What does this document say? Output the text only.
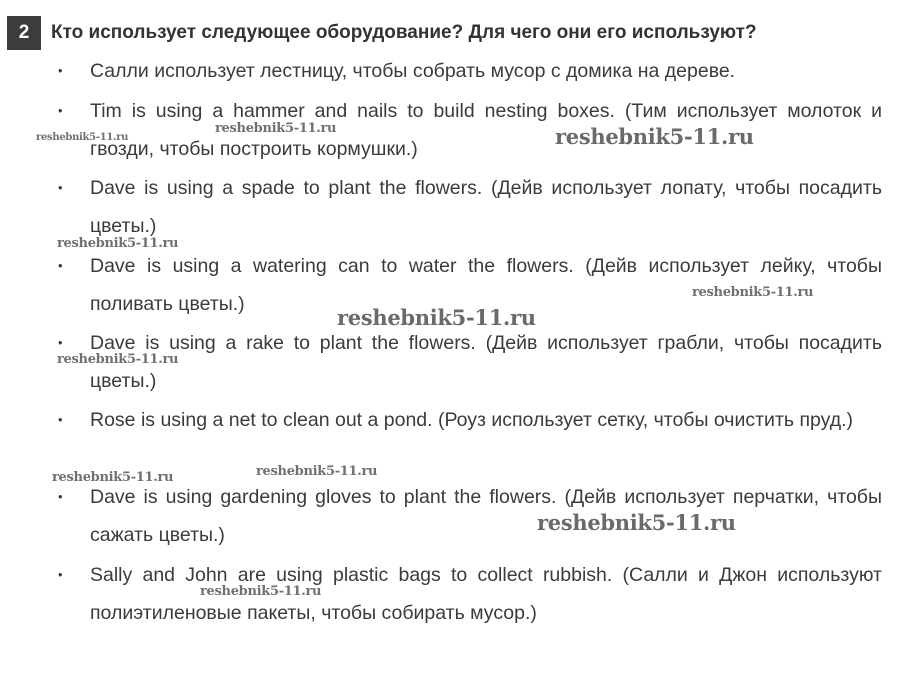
2	Кто использует следующее оборудование? Для чего они его используют?
• Салли использует лестницу, чтобы собрать мусор с домика на дереве.
• Tim is using a hammer and nails to build nesting boxes. (Тим использует молоток и гвозди, чтобы построить кормушки.)
• Dave is using a spade to plant the flowers. (Дейв использует лопату, чтобы посадить цветы.)
• Dave is using a watering can to water the flowers. (Дейв использует лейку, чтобы поливать цветы.)
• Dave is using a rake to plant the flowers. (Дейв использует грабли, чтобы посадить цветы.)
• Rose is using a net to clean out a pond. (Роуз использует сетку, чтобы очистить пруд.)
• Dave is using gardening gloves to plant the flowers. (Дейв использует перчатки, чтобы сажать цветы.)
• Sally and John are using plastic bags to collect rubbish. (Салли и Джон используют полиэтиленовые пакеты, чтобы собирать мусор.)
reshebnik5-11.ru
reshebnik5-11.ru	reshebnik5-11.ru
reshebnik5-11.ru
reshebnik5-11.ru
reshebnik5-11.ru
reshebnik5-11.ru
reshebnik5-11.ru	reshebnik5-11.ru
reshebnik5-11.ru
reshebnik5-11.ru
